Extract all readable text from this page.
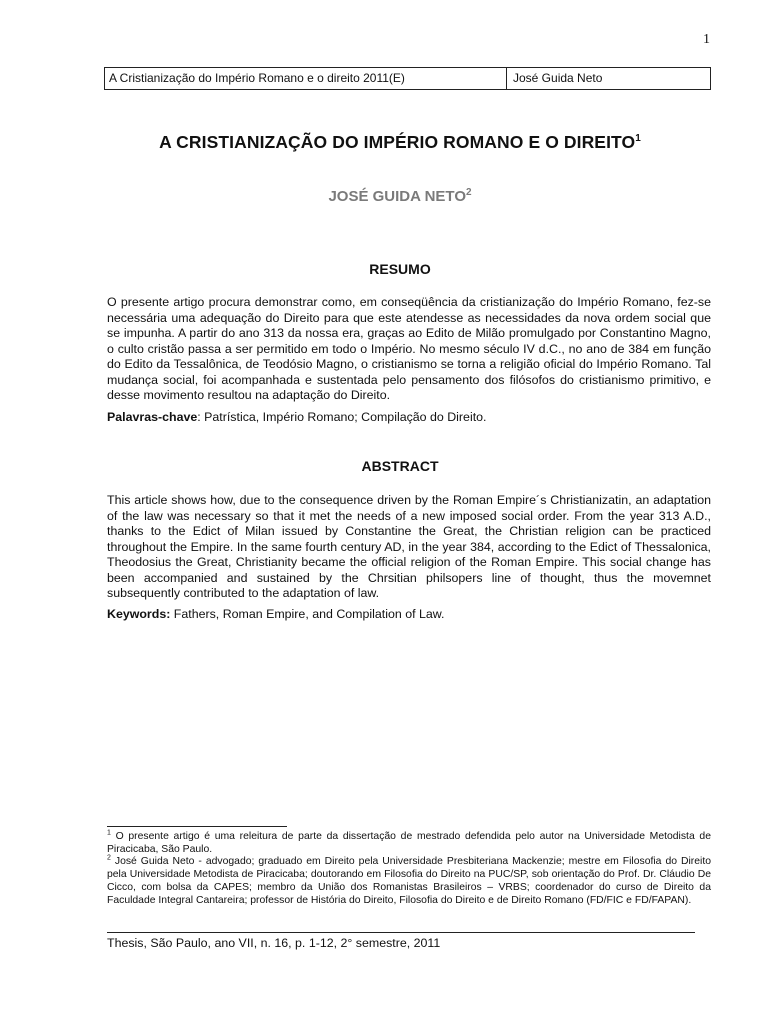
1
A Cristianização do Império Romano e o direito 2011(E)	José Guida Neto
A CRISTIANIZAÇÃO DO IMPÉRIO ROMANO E O DIREITO$^1$
JOSÉ GUIDA NETO$^2$
RESUMO
O presente artigo procura demonstrar como, em conseqüência da cristianização do Império Romano, fez-se necessária uma adequação do Direito para que este atendesse as necessidades da nova ordem social que se impunha. A partir do ano 313 da nossa era, graças ao Edito de Milão promulgado por Constantino Magno, o culto cristão passa a ser permitido em todo o Império. No mesmo século IV d.C., no ano de 384 em função do Edito da Tessalônica, de Teodósio Magno, o cristianismo se torna a religião oficial do Império Romano. Tal mudança social, foi acompanhada e sustentada pelo pensamento dos filósofos do cristianismo primitivo, e desse movimento resultou na adaptação do Direito.
Palavras-chave: Patrística, Império Romano; Compilação do Direito.
ABSTRACT
This article shows how, due to the consequence driven by the Roman Empire´s Christianizatin, an adaptation of the law was necessary so that it met the needs of a new imposed social order. From the year 313 A.D., thanks to the Edict of Milan issued by Constantine the Great, the Christian religion can be practiced throughout the Empire. In the same fourth century AD, in the year 384, according to the Edict of Thessalonica, Theodosius the Great, Christianity became the official religion of the Roman Empire. This social change has been accompanied and sustained by the Chrsitian philsopers line of thought, thus the movemnet subsequently contributed to the adaptation of law.
Keywords: Fathers, Roman Empire, and Compilation of Law.
$^1$ O presente artigo é uma releitura de parte da dissertação de mestrado defendida pelo autor na Universidade Metodista de Piracicaba, São Paulo.
$^2$ José Guida Neto - advogado; graduado em Direito pela Universidade Presbiteriana Mackenzie; mestre em Filosofia do Direito pela Universidade Metodista de Piracicaba; doutorando em Filosofia do Direito na PUC/SP, sob orientação do Prof. Dr. Cláudio De Cicco, com bolsa da CAPES; membro da União dos Romanistas Brasileiros – VRBS; coordenador do curso de Direito da Faculdade Integral Cantareira; professor de História do Direito, Filosofia do Direito e de Direito Romano (FD/FIC e FD/FAPAN).
Thesis, São Paulo, ano VII, n. 16, p. 1-12, 2° semestre, 2011
